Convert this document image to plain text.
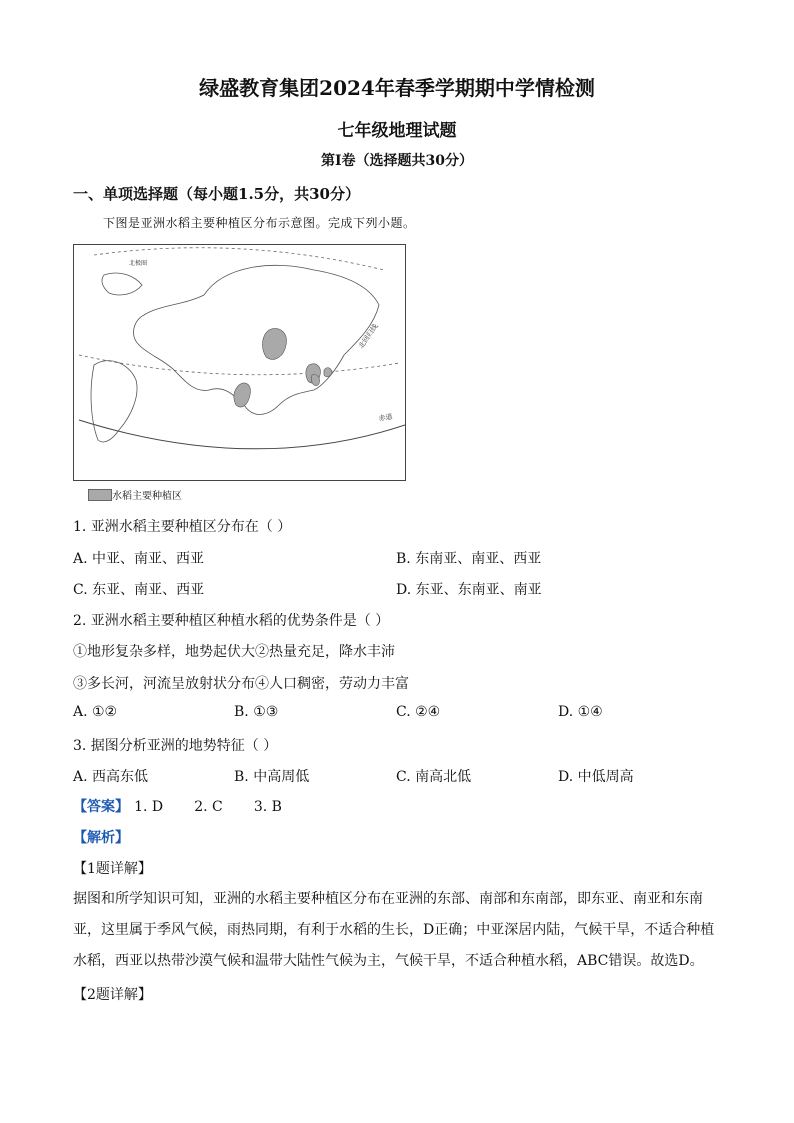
绿盛教育集团2024年春季学期期中学情检测
七年级地理试题
第Ⅰ卷（选择题共30分）
一、单项选择题（每小题1.5分，共30分）
下图是亚洲水稻主要种植区分布示意图。完成下列小题。
北回归线
赤道
北极圈
水稻主要种植区
1. 亚洲水稻主要种植区分布在（ ）
A. 中亚、南亚、西亚	B. 东南亚、南亚、西亚
C. 东亚、南亚、西亚	D. 东亚、东南亚、南亚
2. 亚洲水稻主要种植区种植水稻的优势条件是（ ）
①地形复杂多样，地势起伏大②热量充足，降水丰沛
③多长河，河流呈放射状分布④人口稠密，劳动力丰富
A. ①②	B. ①③	C. ②④	D. ①④
3. 据图分析亚洲的地势特征（ ）
A. 西高东低	B. 中高周低	C. 南高北低	D. 中低周高
【答案】 1. D 2. C 3. B
【解析】
【1题详解】
据图和所学知识可知，亚洲的水稻主要种植区分布在亚洲的东部、南部和东南部，即东亚、南亚和东南亚，这里属于季风气候，雨热同期，有利于水稻的生长，D正确；中亚深居内陆，气候干旱，不适合种植水稻，西亚以热带沙漠气候和温带大陆性气候为主，气候干旱，不适合种植水稻，ABC错误。故选D。
【2题详解】
